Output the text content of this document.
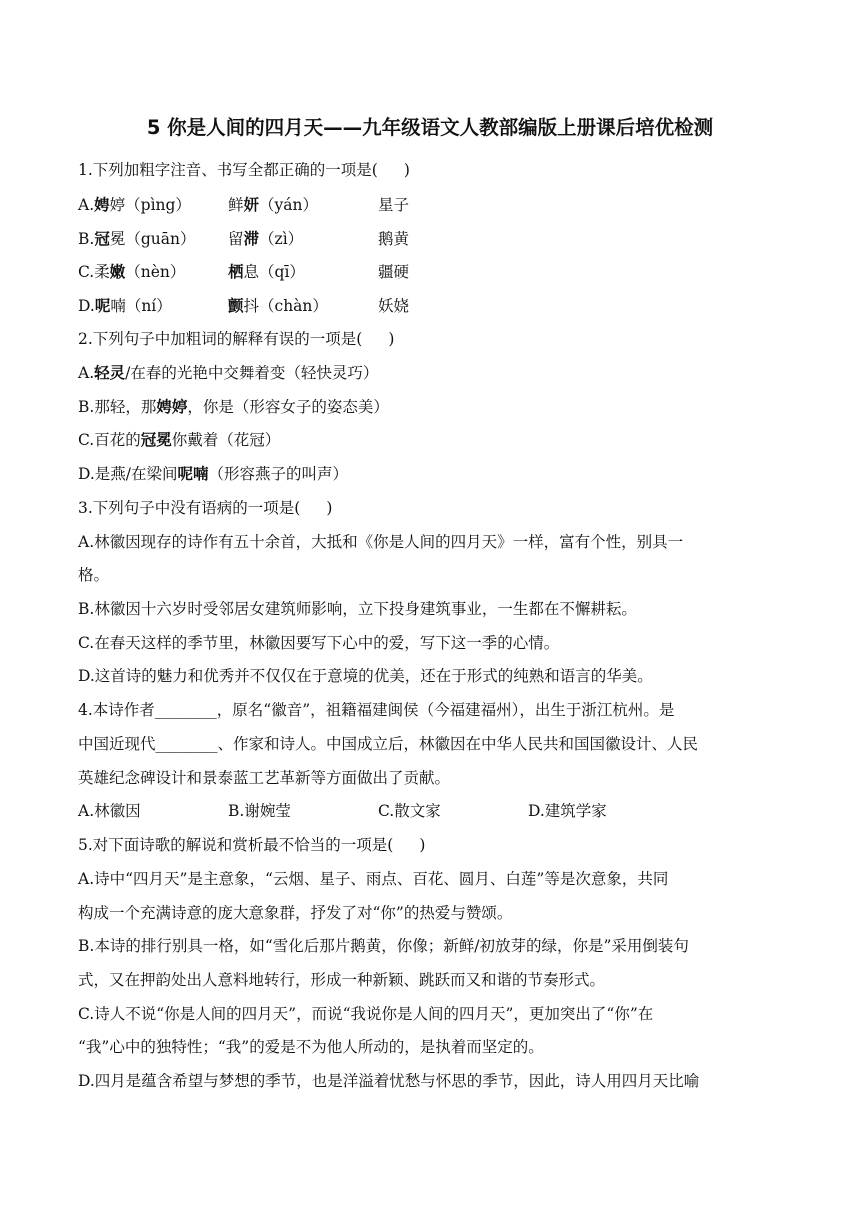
5 你是人间的四月天——九年级语文人教部编版上册课后培优检测
1.下列加粗字注音、书写全都正确的一项是( )
A.娉婷（pìng） 鲜妍（yán）	星子
B.冠冕（guān） 留滞（zì）	鹅黄
C.柔嫩（nèn）	栖息（qī）	疆硬
D.呢喃（ní）	颤抖（chàn）	妖娆
2.下列句子中加粗词的解释有误的一项是( )
A.轻灵/在春的光艳中交舞着变（轻快灵巧）
B.那轻，那娉婷，你是（形容女子的姿态美）
C.百花的冠冕你戴着（花冠）
D.是燕/在梁间呢喃（形容燕子的叫声）
3.下列句子中没有语病的一项是( )
A.林徽因现存的诗作有五十余首，大抵和《你是人间的四月天》一样，富有个性，别具一
格。
B.林徽因十六岁时受邻居女建筑师影响，立下投身建筑事业，一生都在不懈耕耘。
C.在春天这样的季节里，林徽因要写下心中的爱，写下这一季的心情。
D.这首诗的魅力和优秀并不仅仅在于意境的优美，还在于形式的纯熟和语言的华美。
4.本诗作者________，原名“徽音”，祖籍福建闽侯（今福建福州），出生于浙江杭州。是
中国近现代________、作家和诗人。中国成立后，林徽因在中华人民共和国国徽设计、人民
英雄纪念碑设计和景泰蓝工艺革新等方面做出了贡献。
A.林徽因	B.谢婉莹	C.散文家	D.建筑学家
5.对下面诗歌的解说和赏析最不恰当的一项是( )
A.诗中“四月天”是主意象，“云烟、星子、雨点、百花、圆月、白莲”等是次意象，共同
构成一个充满诗意的庞大意象群，抒发了对“你”的热爱与赞颂。
B.本诗的排行别具一格，如“雪化后那片鹅黄，你像；新鲜/初放芽的绿，你是”采用倒装句
式，又在押韵处出人意料地转行，形成一种新颖、跳跃而又和谐的节奏形式。
C.诗人不说“你是人间的四月天”，而说“我说你是人间的四月天”，更加突出了“你”在
“我”心中的独特性；“我”的爱是不为他人所动的，是执着而坚定的。
D.四月是蕴含希望与梦想的季节，也是洋溢着忧愁与怀思的季节，因此，诗人用四月天比喻
